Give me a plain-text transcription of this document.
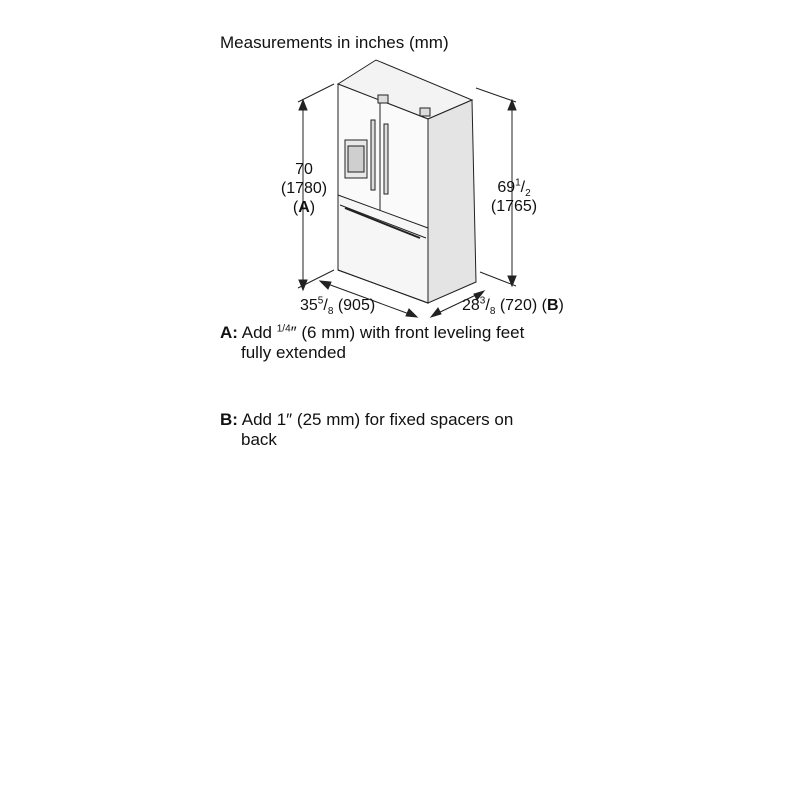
Measurements in inches (mm)
70
(1780)
(A)
$69^1/_2$
(1765)
$35^5/_8$ (905)	$28^3/_8$ (720) (B)
A: Add $^{1/4}$″ (6 mm) with front leveling feet
fully extended
B: Add 1″ (25 mm) for fixed spacers on
back
